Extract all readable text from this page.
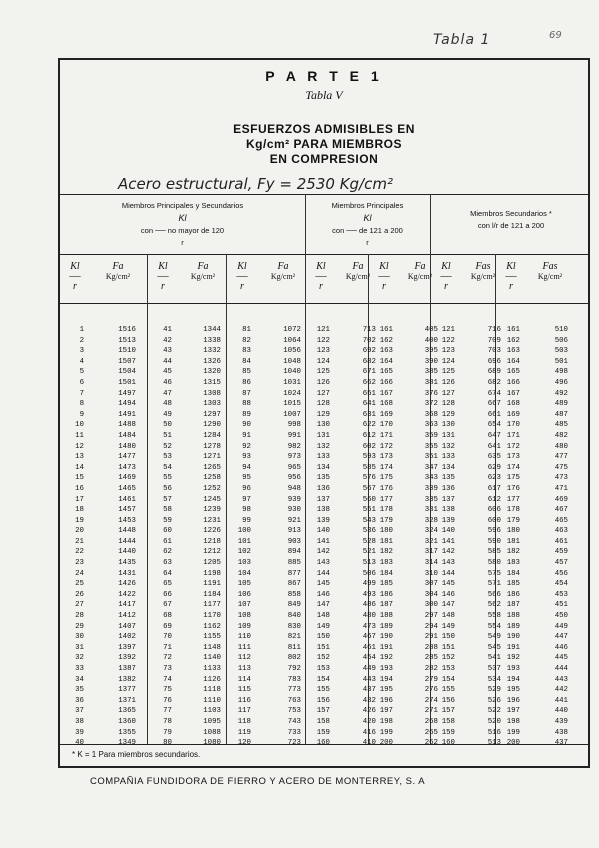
Tabla 1	69
P A R T E 1
Tabla V
ESFUERZOS ADMISIBLES EN
Kg/cm² PARA MIEMBROS
EN COMPRESION
Acero estructural, Fy = 2530 Kg/cm²
Miembros Principales y Secundarios
Kl
con ── no mayor de 120
r
Miembros Principales
Kl
con ── de 121 a 200
r
Miembros Secundarios *
con l/r de 121 a 200
Kl
──
r
Fa
Kg/cm²
Kl
──
r
Fa
Kg/cm²
Kl
──
r
Fa
Kg/cm²
Kl
──
r
Fa
Kg/cm²
Kl
──
r
Fa
Kg/cm²
Kl
──
r
Fas
Kg/cm²
Kl
──
r
Fas
Kg/cm²
1
2
3
4
5
6
7
8
9
10
11
12
13
14
15
16
17
18
19
20
21
22
23
24
25
26
27
28
29
30
31
32
33
34
35
36
37
38
39
40
1516
1513
1510
1507
1504
1501
1497
1494
1491
1488
1484
1480
1477
1473
1469
1465
1461
1457
1453
1448
1444
1440
1435
1431
1426
1422
1417
1412
1407
1402
1397
1392
1387
1382
1377
1371
1365
1360
1355
1349
41
42
43
44
45
46
47
48
49
50
51
52
53
54
55
56
57
58
59
60
61
62
63
64
65
66
67
68
69
70
71
72
73
74
75
76
77
78
79
80
1344
1338
1332
1326
1320
1315
1308
1303
1297
1290
1284
1278
1271
1265
1258
1252
1245
1239
1231
1226
1218
1212
1205
1198
1191
1184
1177
1170
1162
1155
1148
1140
1133
1126
1118
1110
1103
1095
1088
1080
81
82
83
84
85
86
87
88
89
90
91
92
93
94
95
96
97
98
99
100
101
102
103
104
105
106
107
108
109
110
111
112
113
114
115
116
117
118
119
120
1072
1064
1056
1048
1040
1031
1024
1015
1007
998
991
982
973
965
956
948
939
930
921
913
903
894
885
877
867
858
849
840
830
821
811
802
792
783
773
763
753
743
733
723
121
122
123
124
125
126
127
128
129
130
131
132
133
134
135
136
137
138
139
140
141
142
143
144
145
146
147
148
149
150
151
152
153
154
155
156
157
158
159
160
713
702
692
682
671
662
651
641
631
622
612
602
593
585
576
567
560
551
543
536
528
521
513
506
499
493
486
480
473
467
461
454
449
443
437
432
426
420
416
410
161
162
163
164
165
166
167
168
169
170
171
172
173
174
175
176
177
178
179
180
181
182
183
184
185
186
187
188
189
190
191
192
193
194
195
196
197
198
199
200
405
400
395
390
385
381
376
372
368
363
359
355
351
347
343
339
335
331
328
324
321
317
314
310
307
304
300
297
294
291
288
285
282
279
276
274
271
268
265
262
121
122
123
124
125
126
127
128
129
130
131
132
133
134
135
136
137
138
139
140
141
142
143
144
145
146
147
148
149
150
151
152
153
154
155
156
157
158
159
160
716
709
703
696
689
682
674
667
661
654
647
641
635
629
623
617
612
606
600
596
590
585
580
575
571
566
562
558
554
549
545
541
537
534
529
526
522
520
516
513
161
162
163
164
165
166
167
168
169
170
171
172
173
174
175
176
177
178
179
180
181
182
183
184
185
186
187
188
189
190
191
192
193
194
195
196
197
198
199
200
510
506
503
501
498
496
492
489
487
485
482
480
477
475
473
471
469
467
465
463
461
459
457
456
454
453
451
450
449
447
446
445
444
443
442
441
440
439
438
437
* K = 1 Para miembros secundarios.
COMPAÑIA FUNDIDORA DE FIERRO Y ACERO DE MONTERREY, S. A
